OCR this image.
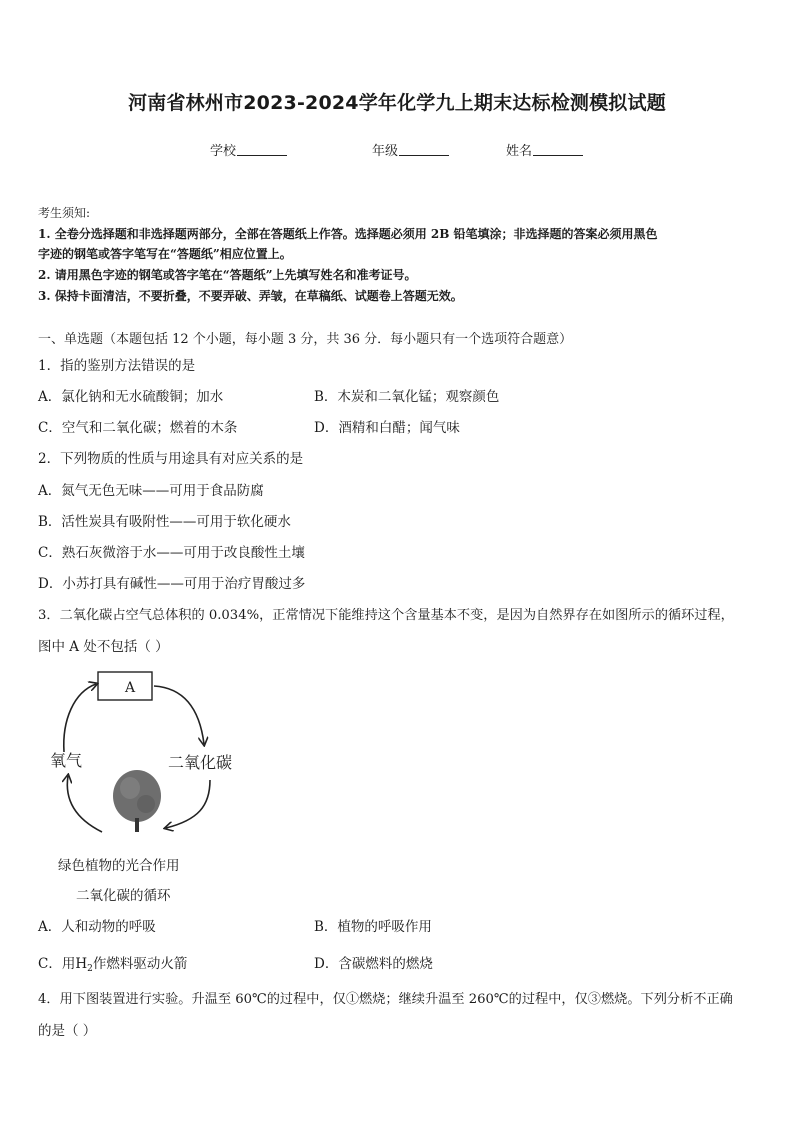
河南省林州市2023-2024学年化学九上期末达标检测模拟试题
学校	年级	姓名
考生须知:
1. 全卷分选择题和非选择题两部分，全部在答题纸上作答。选择题必须用 2B 铅笔填涂；非选择题的答案必须用黑色
字迹的钢笔或答字笔写在“答题纸”相应位置上。
2. 请用黑色字迹的钢笔或答字笔在“答题纸”上先填写姓名和准考证号。
3. 保持卡面清洁，不要折叠，不要弄破、弄皱，在草稿纸、试题卷上答题无效。
一、单选题（本题包括 12 个小题，每小题 3 分，共 36 分．每小题只有一个选项符合题意）
1．指的鉴别方法错误的是
A．氯化钠和无水硫酸铜；加水	B．木炭和二氧化锰；观察颜色
C．空气和二氧化碳；燃着的木条	D．酒精和白醋；闻气味
2．下列物质的性质与用途具有对应关系的是
A．氮气无色无味——可用于食品防腐
B．活性炭具有吸附性——可用于软化硬水
C．熟石灰微溶于水——可用于改良酸性土壤
D．小苏打具有碱性——可用于治疗胃酸过多
3．二氧化碳占空气总体积的 0.034%，正常情况下能维持这个含量基本不变，是因为自然界存在如图所示的循环过程，
图中 A 处不包括（ ）
A
氧气	二氧化碳
绿色植物的光合作用
二氧化碳的循环
A．人和动物的呼吸	B．植物的呼吸作用
C．用$H_2$作燃料驱动火箭	D．含碳燃料的燃烧
4．用下图装置进行实验。升温至 60℃的过程中，仅①燃烧；继续升温至 260℃的过程中，仅③燃烧。下列分析不正确
的是（ ）
